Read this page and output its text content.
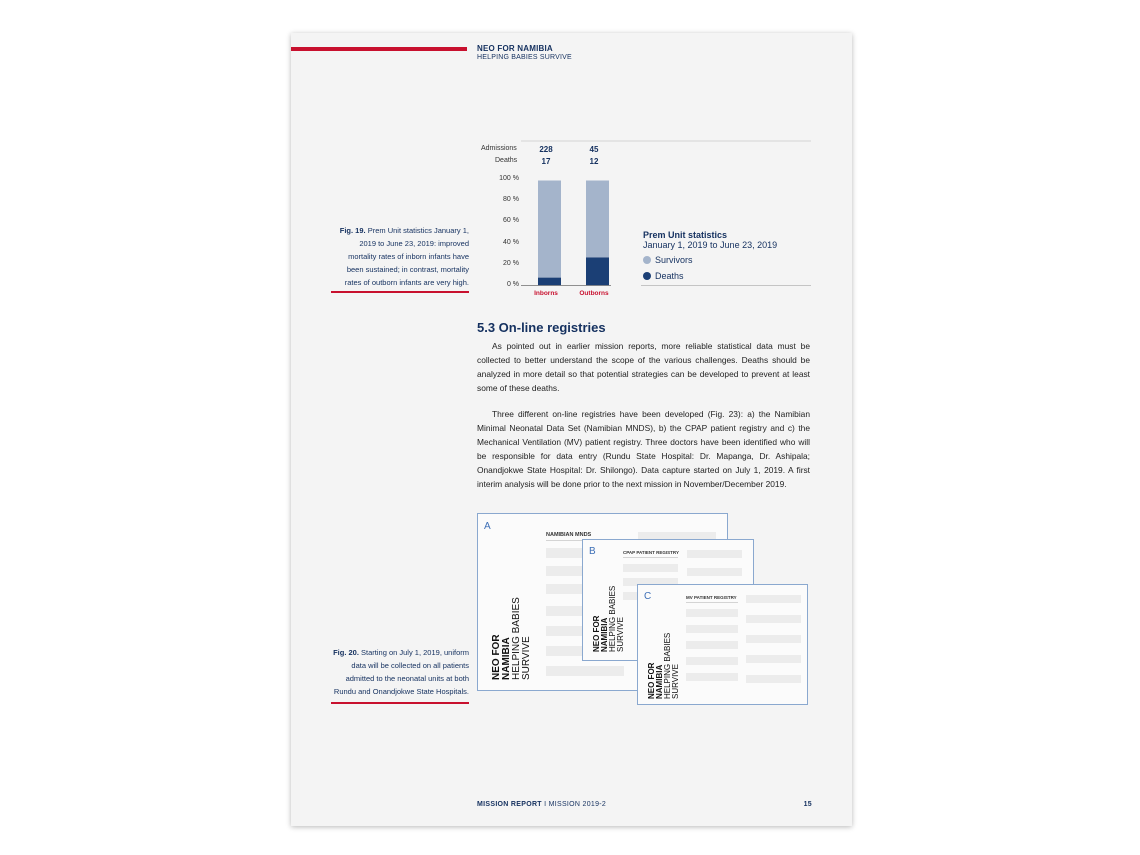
NEO FOR NAMIBIA
HELPING BABIES SURVIVE
Admissions
Deaths
228
17
45
12
100 %
80 %
60 %
40 %
20 %
0 %
Inborns	Outborns
Prem Unit statistics
January 1, 2019 to June 23, 2019
Survivors
Deaths
Fig. 19. Prem Unit statistics January 1, 2019 to June 23, 2019: improved mortality rates of inborn infants have been sustained; in contrast, mortality rates of outborn infants are very high.
5.3 On-line registries
As pointed out in earlier mission reports, more reliable statistical data must be collected to better understand the scope of the various challenges. Deaths should be analyzed in more detail so that potential strategies can be developed to prevent at least some of these deaths.
Three different on-line registries have been developed (Fig. 23): a) the Namibian Minimal Neonatal Data Set (Namibian MNDS), b) the CPAP patient registry and c) the Mechanical Ventilation (MV) patient registry. Three doctors have been identified who will be responsible for data entry (Rundu State Hospital: Dr. Mapanga, Dr. Ashipala; Onandjokwe State Hospital: Dr. Shilongo). Data capture started on July 1, 2019. A first interim analysis will be done prior to the next mission in November/December 2019.
A
NEO FOR NAMIBIA HELPING BABIES SURVIVE
NAMIBIAN MNDS
B
NEO FOR NAMIBIA HELPING BABIES SURVIVE
CPAP PATIENT REGISTRY
C
NEO FOR NAMIBIA HELPING BABIES SURVIVE
MV PATIENT REGISTRY
Fig. 20. Starting on July 1, 2019, uniform data will be collected on all patients admitted to the neonatal units at both Rundu and Onandjokwe State Hospitals.
MISSION REPORT I MISSION 2019-2	15
